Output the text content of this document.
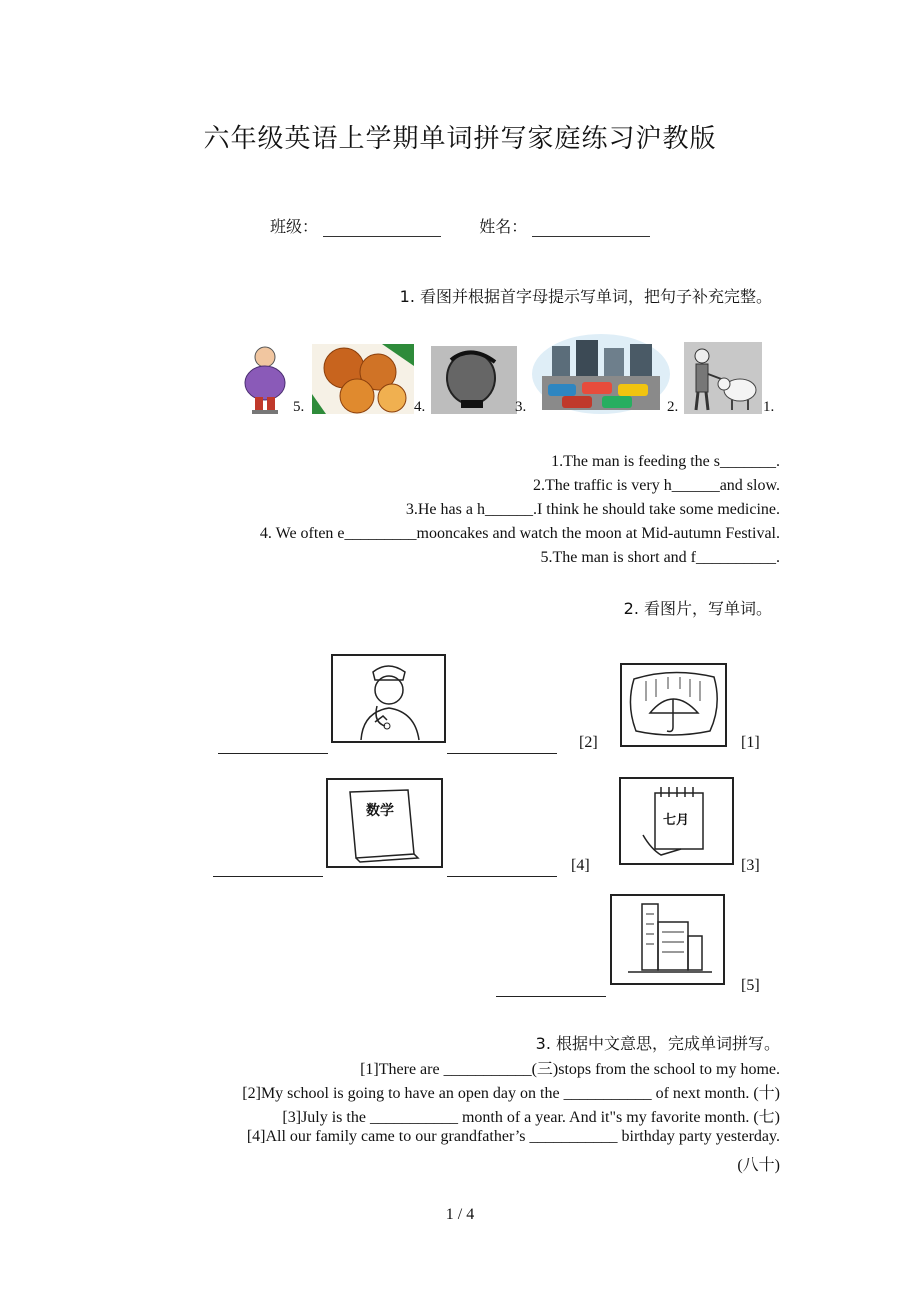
六年级英语上学期单词拼写家庭练习沪教版
班级：	姓名：
1. 看图并根据首字母提示写单词，把句子补充完整。
5.	4.	3.	2.	1.
1.The man is feeding the s_______.
2.The traffic is very h______and slow.
3.He has a h______.I think he should take some medicine.
4. We often e_________mooncakes and watch the moon at Mid-autumn Festival.
5.The man is short and f__________.
2. 看图片，写单词。
[2]	[1]
数学
[4]
七月
[3]
[5]
3. 根据中文意思，完成单词拼写。
[1]There are ___________(三)stops from the school to my home.
[2]My school is going to have an open day on the ___________ of next month. (十)
[3]July is the ___________ month of a year. And it"s my favorite month. (七)
[4]All our family came to our grandfather’s ___________ birthday party yesterday.
(八十)
1 / 4
